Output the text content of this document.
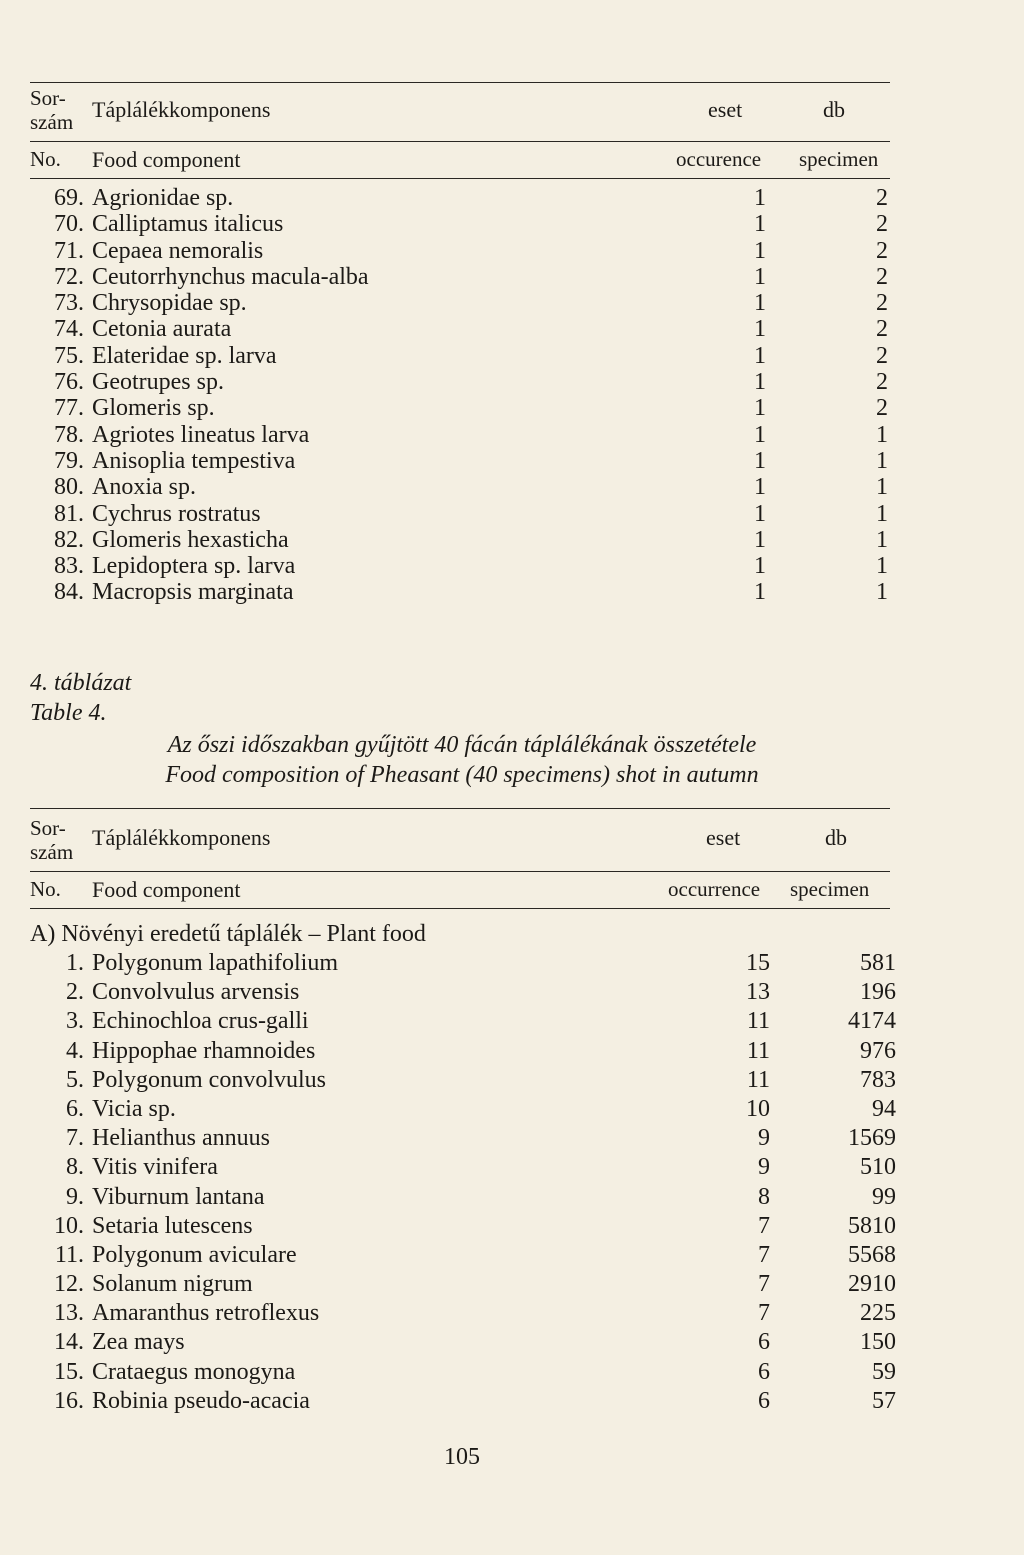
Sor-
szám Táplálékkomponens	eset	db
No. Food component	occurence specimen
69. Agrionidae sp.	1	2
70. Calliptamus italicus	1	2
71. Cepaea nemoralis	1	2
72. Ceutorrhynchus macula-alba	1	2
73. Chrysopidae sp.	1	2
74. Cetonia aurata	1	2
75. Elateridae sp. larva	1	2
76. Geotrupes sp.	1	2
77. Glomeris sp.	1	2
78. Agriotes lineatus larva	1	1
79. Anisoplia tempestiva	1	1
80. Anoxia sp.	1	1
81. Cychrus rostratus	1	1
82. Glomeris hexasticha	1	1
83. Lepidoptera sp. larva	1	1
84. Macropsis marginata	1	1
4. táblázat
Table 4.
Az őszi időszakban gyűjtött 40 fácán táplálékának összetétele
Food composition of Pheasant (40 specimens) shot in autumn
Sor-
szám
Táplálékkomponens	eset	db
No. Food component	occurrence specimen
A) Növényi eredetű táplálék – Plant food
1. Polygonum lapathifolium	15	581
2. Convolvulus arvensis	13	196
3. Echinochloa crus-galli	11	4174
4. Hippophae rhamnoides	11	976
5. Polygonum convolvulus	11	783
6. Vicia sp.	10	94
7. Helianthus annuus	9	1569
8. Vitis vinifera	9	510
9. Viburnum lantana	8	99
10. Setaria lutescens	7	5810
11. Polygonum aviculare	7	5568
12. Solanum nigrum	7	2910
13. Amaranthus retroflexus	7	225
14. Zea mays	6	150
15. Crataegus monogyna	6	59
16. Robinia pseudo-acacia	6	57
105
